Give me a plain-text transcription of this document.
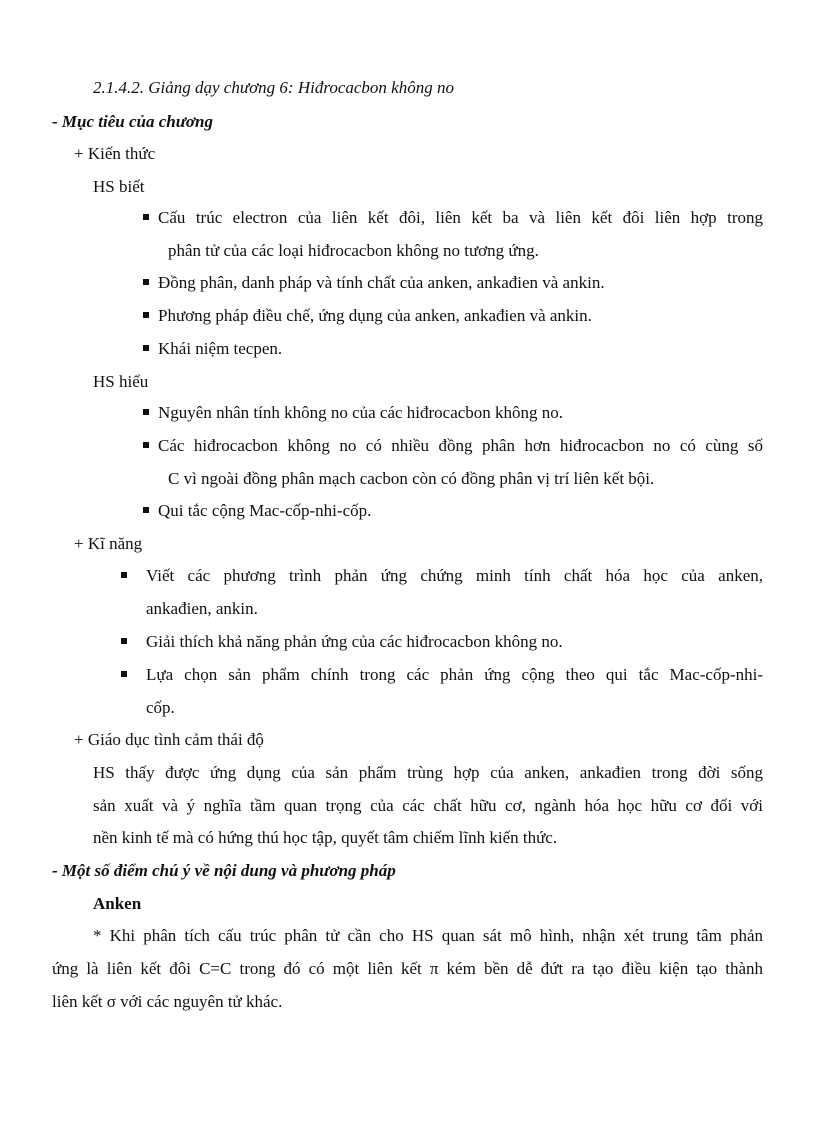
2.1.4.2. Giảng dạy chương 6: Hiđrocacbon không no
- Mục tiêu của chương
+ Kiến thức
HS biết
Cấu trúc electron của liên kết đôi, liên kết ba và liên kết đôi liên hợp trong
phân tử của các loại hiđrocacbon không no tương ứng.
Đồng phân, danh pháp và tính chất của anken, ankađien và ankin.
Phương pháp điều chế, ứng dụng của anken, ankađien và ankin.
Khái niệm tecpen.
HS hiểu
Nguyên nhân tính không no của các hiđrocacbon không no.
Các hiđrocacbon không no có nhiều đồng phân hơn hiđrocacbon no có cùng số
C vì ngoài đồng phân mạch cacbon còn có đồng phân vị trí liên kết bội.
Qui tắc cộng Mac-cốp-nhi-cốp.
+ Kĩ năng
Viết các phương trình phản ứng chứng minh tính chất hóa học của anken,
ankađien, ankin.
Giải thích khả năng phản ứng của các hiđrocacbon không no.
Lựa chọn sản phẩm chính trong các phản ứng cộng theo qui tắc Mac-cốp-nhi-
cốp.
+ Giáo dục tình cảm thái độ
HS thấy được ứng dụng của sản phẩm trùng hợp của anken, ankađien trong đời sống
sản xuất và ý nghĩa tầm quan trọng của các chất hữu cơ, ngành hóa học hữu cơ đối với
nền kinh tế mà có hứng thú học tập, quyết tâm chiếm lĩnh kiến thức.
- Một số điểm chú ý về nội dung và phương pháp
Anken
* Khi phân tích cấu trúc phân tử cần cho HS quan sát mô hình, nhận xét trung tâm phản
ứng là liên kết đôi C=C trong đó có một liên kết π kém bền dễ đứt ra tạo điều kiện tạo thành
liên kết σ với các nguyên tử khác.
